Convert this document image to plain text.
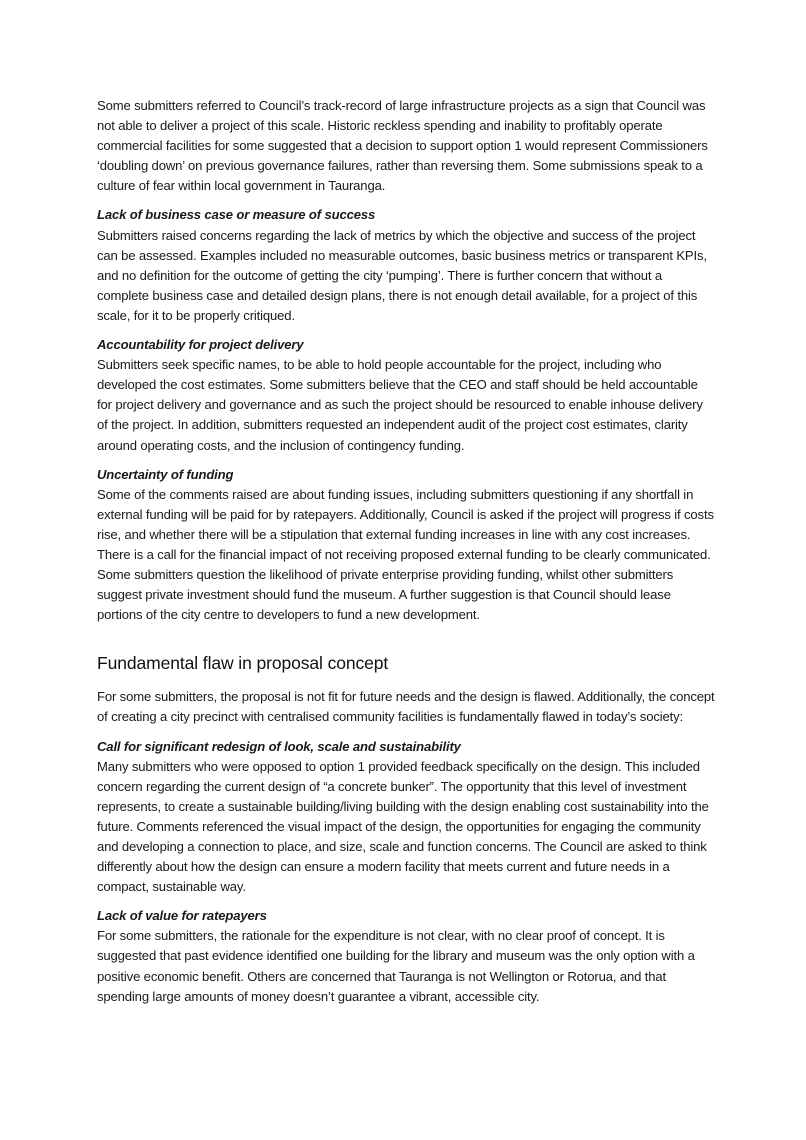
Some submitters referred to Council’s track-record of large infrastructure projects as a sign that Council was not able to deliver a project of this scale. Historic reckless spending and inability to profitably operate commercial facilities for some suggested that a decision to support option 1 would represent Commissioners ‘doubling down’ on previous governance failures, rather than reversing them. Some submissions speak to a culture of fear within local government in Tauranga.

Lack of business case or measure of success

Submitters raised concerns regarding the lack of metrics by which the objective and success of the project can be assessed. Examples included no measurable outcomes, basic business metrics or transparent KPIs, and no definition for the outcome of getting the city ‘pumping’. There is further concern that without a complete business case and detailed design plans, there is not enough detail available, for a project of this scale, for it to be properly critiqued.

Accountability for project delivery

Submitters seek specific names, to be able to hold people accountable for the project, including who developed the cost estimates. Some submitters believe that the CEO and staff should be held accountable for project delivery and governance and as such the project should be resourced to enable inhouse delivery of the project. In addition, submitters requested an independent audit of the project cost estimates, clarity around operating costs, and the inclusion of contingency funding.

Uncertainty of funding

Some of the comments raised are about funding issues, including submitters questioning if any shortfall in external funding will be paid for by ratepayers. Additionally, Council is asked if the project will progress if costs rise, and whether there will be a stipulation that external funding increases in line with any cost increases. There is a call for the financial impact of not receiving proposed external funding to be clearly communicated. Some submitters question the likelihood of private enterprise providing funding, whilst other submitters suggest private investment should fund the museum. A further suggestion is that Council should lease portions of the city centre to developers to fund a new development.

Fundamental flaw in proposal concept

For some submitters, the proposal is not fit for future needs and the design is flawed. Additionally, the concept of creating a city precinct with centralised community facilities is fundamentally flawed in today’s society:

Call for significant redesign of look, scale and sustainability

Many submitters who were opposed to option 1 provided feedback specifically on the design. This included concern regarding the current design of “a concrete bunker”. The opportunity that this level of investment represents, to create a sustainable building/living building with the design enabling cost sustainability into the future. Comments referenced the visual impact of the design, the opportunities for engaging the community and developing a connection to place, and size, scale and function concerns. The Council are asked to think differently about how the design can ensure a modern facility that meets current and future needs in a compact, sustainable way.

Lack of value for ratepayers

For some submitters, the rationale for the expenditure is not clear, with no clear proof of concept. It is suggested that past evidence identified one building for the library and museum was the only option with a positive economic benefit. Others are concerned that Tauranga is not Wellington or Rotorua, and that spending large amounts of money doesn’t guarantee a vibrant, accessible city.
